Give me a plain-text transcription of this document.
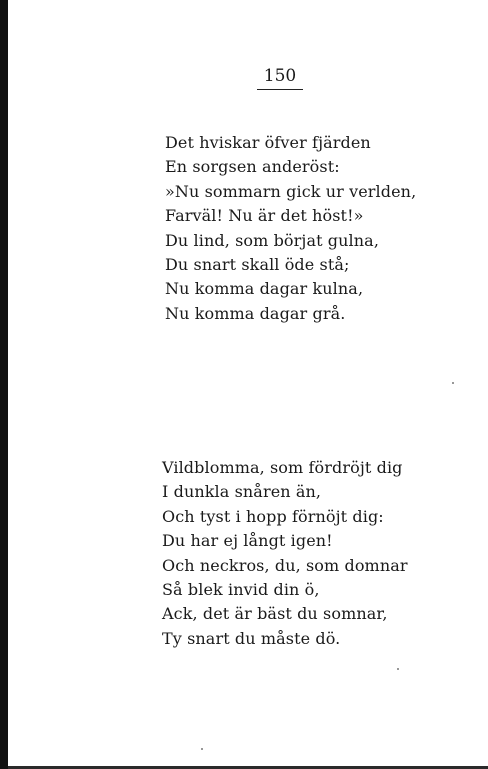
150
Det hviskar öfver fjärden
En sorgsen anderöst:
»Nu sommarn gick ur verlden,
Farväl! Nu är det höst!»
Du lind, som börjat gulna,
Du snart skall öde stå;
Nu komma dagar kulna,
Nu komma dagar grå.
Vildblomma, som fördröjt dig
I dunkla snåren än,
Och tyst i hopp förnöjt dig:
Du har ej långt igen!
Och neckros, du, som domnar
Så blek invid din ö,
Ack, det är bäst du somnar,
Ty snart du måste dö.
